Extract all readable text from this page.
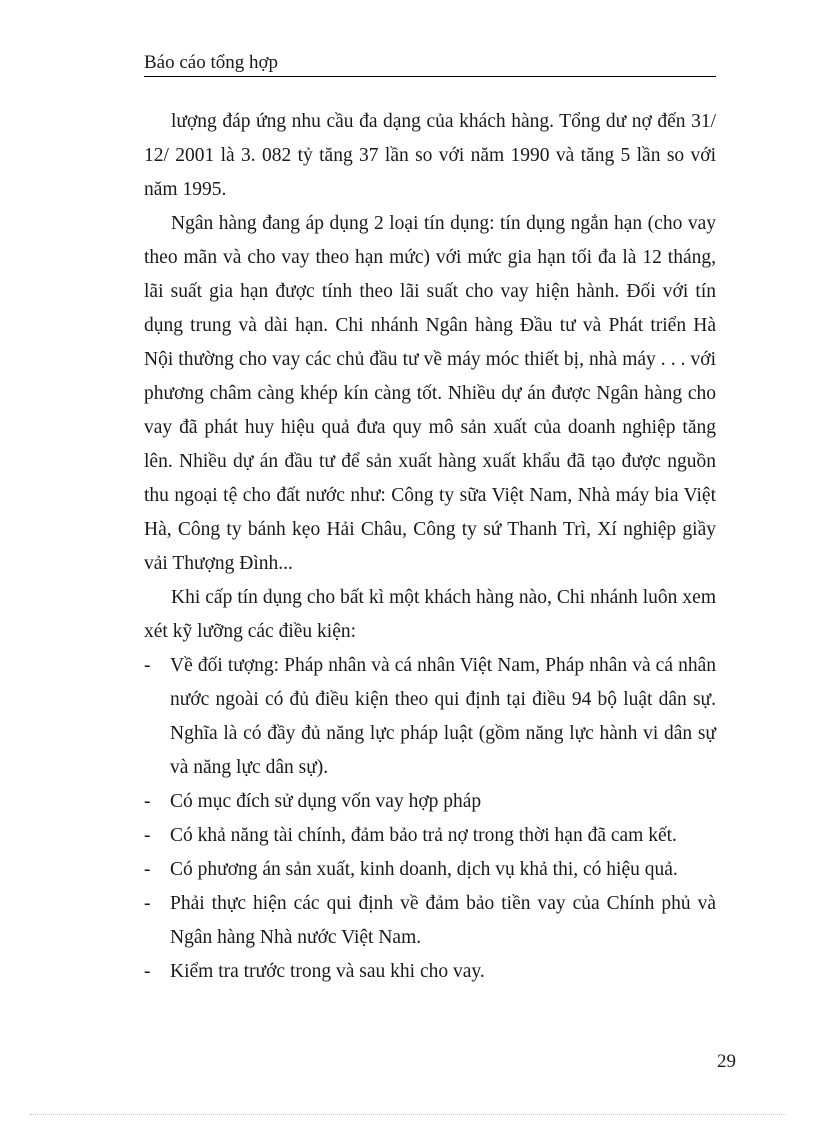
Báo cáo tổng hợp

lượng đáp ứng nhu cầu đa dạng của khách hàng. Tổng dư nợ đến 31/ 12/ 2001 là 3. 082 tỷ tăng 37 lần so với năm 1990 và tăng 5 lần so với năm 1995.

Ngân hàng đang áp dụng 2 loại tín dụng: tín dụng ngắn hạn (cho vay theo mãn và cho vay theo hạn mức) với mức gia hạn tối đa là 12 tháng, lãi suất gia hạn được tính theo lãi suất cho vay hiện hành. Đối với tín dụng trung và dài hạn. Chi nhánh Ngân hàng Đầu tư và Phát triển Hà Nội thường cho vay các chủ đầu tư về máy móc thiết bị, nhà máy . . . với phương châm càng khép kín càng tốt. Nhiều dự án được Ngân hàng cho vay đã phát huy hiệu quả đưa quy mô sản xuất của doanh nghiệp tăng lên. Nhiều dự án đầu tư để sản xuất hàng xuất khẩu đã tạo được nguồn thu ngoại tệ cho đất nước như: Công ty sữa Việt Nam, Nhà máy bia Việt Hà, Công ty bánh kẹo Hải Châu, Công ty sứ Thanh Trì, Xí nghiệp giầy vải Thượng Đình...

Khi cấp tín dụng cho bất kì một khách hàng nào, Chi nhánh luôn xem xét kỹ lưỡng các điều kiện:

- Về đối tượng: Pháp nhân và cá nhân Việt Nam, Pháp nhân và cá nhân nước ngoài có đủ điều kiện theo qui định tại điều 94 bộ luật dân sự. Nghĩa là có đầy đủ năng lực pháp luật (gồm năng lực hành vi dân sự và năng lực dân sự).
- Có mục đích sử dụng vốn vay hợp pháp
- Có khả năng tài chính, đảm bảo trả nợ trong thời hạn đã cam kết.
- Có phương án sản xuất, kinh doanh, dịch vụ khả thi, có hiệu quả.
- Phải thực hiện các qui định về đảm bảo tiền vay của Chính phủ và Ngân hàng Nhà nước Việt Nam.
- Kiểm tra trước trong và sau khi cho vay.
29
